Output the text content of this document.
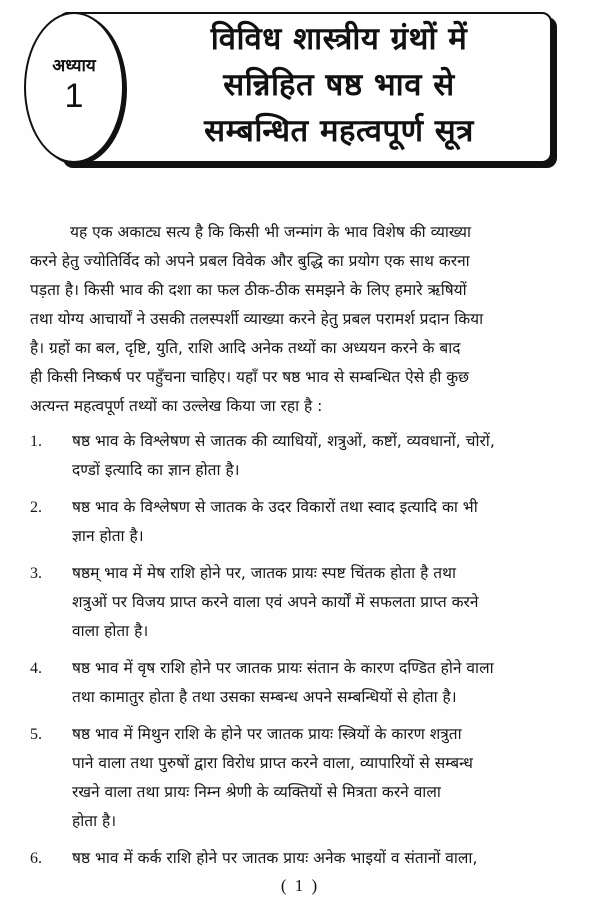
अध्याय
1
विविध शास्त्रीय ग्रंथों में
सन्निहित षष्ठ भाव से
सम्बन्धित महत्वपूर्ण सूत्र

यह एक अकाट्य सत्य है कि किसी भी जन्मांग के भाव विशेष की व्याख्या
करने हेतु ज्योतिर्विद को अपने प्रबल विवेक और बुद्धि का प्रयोग एक साथ करना
पड़ता है। किसी भाव की दशा का फल ठीक-ठीक समझने के लिए हमारे ऋषियों
तथा योग्य आचार्यों ने उसकी तलस्पर्शी व्याख्या करने हेतु प्रबल परामर्श प्रदान किया
है। ग्रहों का बल, दृष्टि, युति, राशि आदि अनेक तथ्यों का अध्ययन करने के बाद
ही किसी निष्कर्ष पर पहुँचना चाहिए। यहाँ पर षष्ठ भाव से सम्बन्धित ऐसे ही कुछ
अत्यन्त महत्वपूर्ण तथ्यों का उल्लेख किया जा रहा है :

1. षष्ठ भाव के विश्लेषण से जातक की व्याधियों, शत्रुओं, कष्टों, व्यवधानों, चोरों,
दण्डों इत्यादि का ज्ञान होता है।
2. षष्ठ भाव के विश्लेषण से जातक के उदर विकारों तथा स्वाद इत्यादि का भी
ज्ञान होता है।
3. षष्ठम् भाव में मेष राशि होने पर, जातक प्रायः स्पष्ट चिंतक होता है तथा
शत्रुओं पर विजय प्राप्त करने वाला एवं अपने कार्यों में सफलता प्राप्त करने
वाला होता है।
4. षष्ठ भाव में वृष राशि होने पर जातक प्रायः संतान के कारण दण्डित होने वाला
तथा कामातुर होता है तथा उसका सम्बन्ध अपने सम्बन्धियों से होता है।
5. षष्ठ भाव में मिथुन राशि के होने पर जातक प्रायः स्त्रियों के कारण शत्रुता
पाने वाला तथा पुरुषों द्वारा विरोध प्राप्त करने वाला, व्यापारियों से सम्बन्ध
रखने वाला तथा प्रायः निम्न श्रेणी के व्यक्तियों से मित्रता करने वाला
होता है।
6. षष्ठ भाव में कर्क राशि होने पर जातक प्रायः अनेक भाइयों व संतानों वाला,
( 1 )
